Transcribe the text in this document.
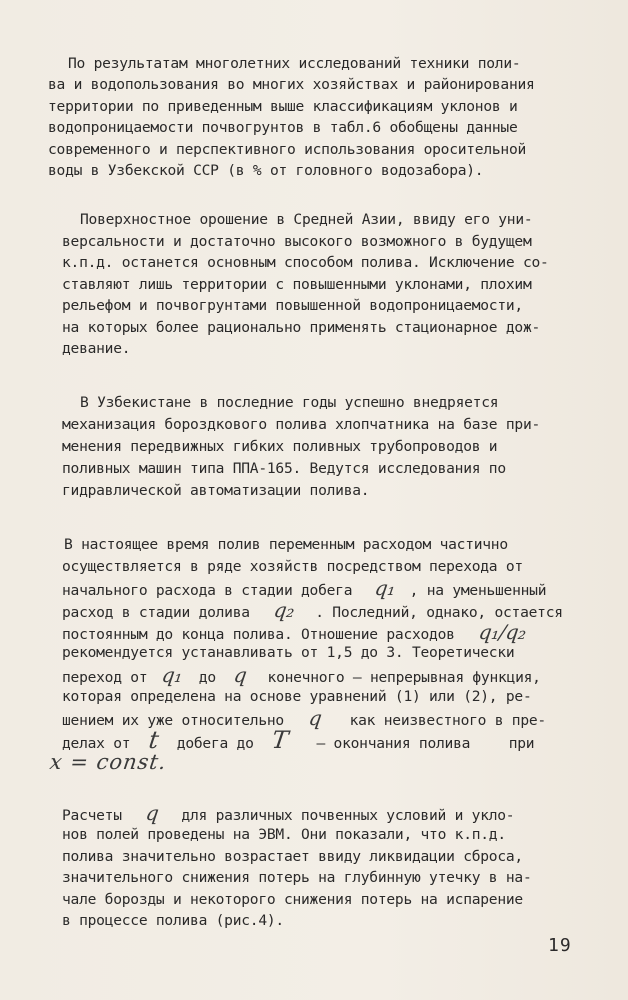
По результатам многолетних исследований техники поли-
ва и водопользования во многих хозяйствах и районирования
территории по приведенным выше классификациям уклонов и
водопроницаемости почвогрунтов в табл.6 обобщены данные
современного и перспективного использования оросительной
воды в Узбекской ССР (в % от головного водозабора).
Поверхностное орошение в Средней Азии, ввиду его уни-
версальности и достаточно высокого возможного в будущем
к.п.д. останется основным способом полива. Исключение со-
ставляют лишь территории с повышенными уклонами, плохим
рельефом и почвогрунтами повышенной водопроницаемости,
на которых более рационально применять стационарное дож-
девание.
В Узбекистане в последние годы успешно внедряется
механизация бороздкового полива хлопчатника на базе при-
менения передвижных гибких поливных трубопроводов и
поливных машин типа ППА-165. Ведутся исследования по
гидравлической автоматизации полива.
В настоящее время полив переменным расходом частично
осуществляется в ряде хозяйств посредством перехода от
начального расхода в стадии добега q₁ , на уменьшенный
расход в стадии долива q₂ . Последний, однако, остается
постоянным до конца полива. Отношение расходов q₁/q₂
рекомендуется устанавливать от 1,5 до 3. Теоретически
переход от q₁ до q конечного – непрерывная функция,
которая определена на основе уравнений (1) или (2), ре-
шением их уже относительно q как неизвестного в пре-
делах от t добега до T – окончания полива	при
x = const.
Расчеты q для различных почвенных условий и укло-
нов полей проведены на ЭВМ. Они показали, что к.п.д.
полива значительно возрастает ввиду ликвидации сброса,
значительного снижения потерь на глубинную утечку в на-
чале борозды и некоторого снижения потерь на испарение
в процессе полива (рис.4).
19
